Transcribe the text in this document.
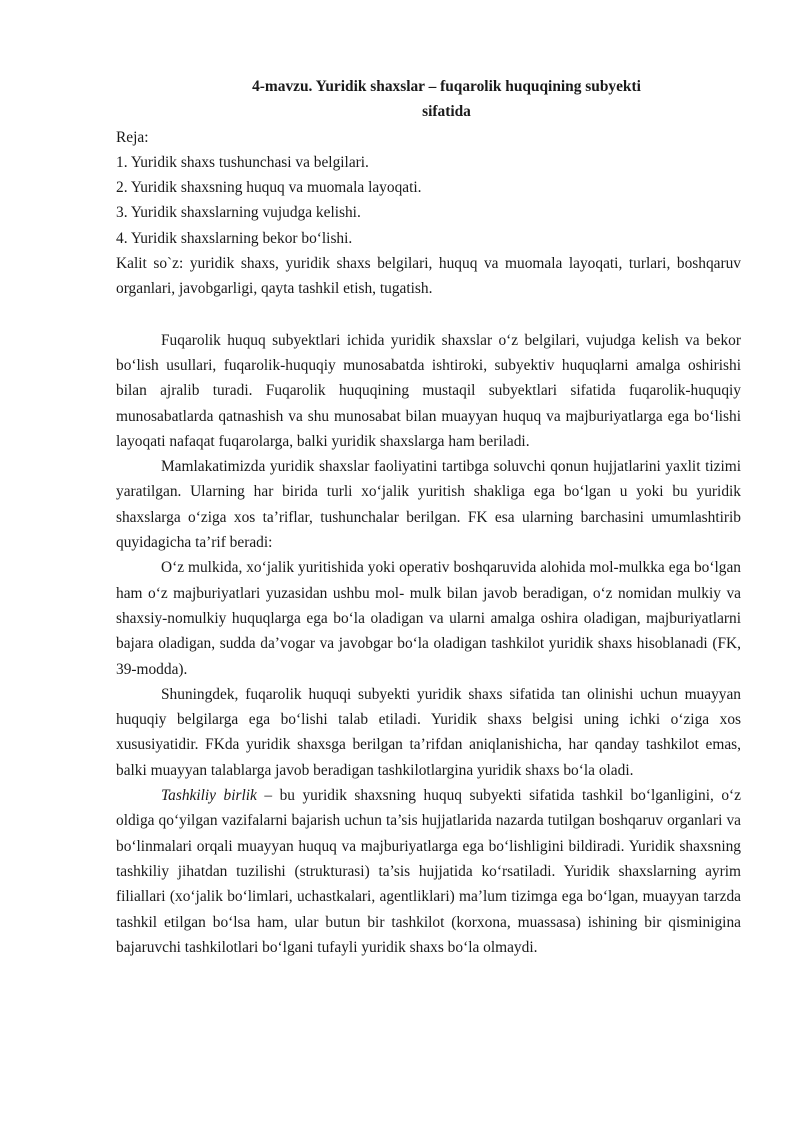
4-mavzu. Yuridik shaxslar – fuqarolik huquqining subyekti
sifatida

Reja:

1. Yuridik shaxs tushunchasi va belgilari.

2. Yuridik shaxsning huquq va muomala layoqati.

3. Yuridik shaxslarning vujudga kelishi.

4. Yuridik shaxslarning bekor boʻlishi.

Kalit so`z: yuridik shaxs, yuridik shaxs belgilari, huquq va muomala layoqati, turlari, boshqaruv organlari, javobgarligi, qayta tashkil etish, tugatish.

Fuqarolik huquq subyektlari ichida yuridik shaxslar oʻz belgilari, vujudga kelish va bekor boʻlish usullari, fuqarolik-huquqiy munosabatda ishtiroki, subyektiv huquqlarni amalga oshirishi bilan ajralib turadi. Fuqarolik huquqining mustaqil subyektlari sifatida fuqarolik-huquqiy munosabatlarda qatnashish va shu munosabat bilan muayyan huquq va majburiyatlarga ega boʻlishi layoqati nafaqat fuqarolarga, balki yuridik shaxslarga ham beriladi.

Mamlakatimizda yuridik shaxslar faoliyatini tartibga soluvchi qonun hujjatlarini yaxlit tizimi yaratilgan. Ularning har birida turli xoʻjalik yuritish shakliga ega boʻlgan u yoki bu yuridik shaxslarga oʻziga xos ta’riflar, tushunchalar berilgan. FK esa ularning barchasini umumlashtirib quyidagicha ta’rif beradi:

Oʻz mulkida, xoʻjalik yuritishida yoki operativ boshqaruvida alohida mol-mulkka ega boʻlgan ham oʻz majburiyatlari yuzasidan ushbu mol- mulk bilan javob beradigan, oʻz nomidan mulkiy va shaxsiy-nomulkiy huquqlarga ega boʻla oladigan va ularni amalga oshira oladigan, majburiyatlarni bajara oladigan, sudda da’vogar va javobgar boʻla oladigan tashkilot yuridik shaxs hisoblanadi (FK, 39-modda).

Shuningdek, fuqarolik huquqi subyekti yuridik shaxs sifatida tan olinishi uchun muayyan huquqiy belgilarga ega boʻlishi talab etiladi. Yuridik shaxs belgisi uning ichki oʻziga xos xususiyatidir. FKda yuridik shaxsga berilgan ta’rifdan aniqlanishicha, har qanday tashkilot emas, balki muayyan talablarga javob beradigan tashkilotlargina yuridik shaxs boʻla oladi.

Tashkiliy birlik – bu yuridik shaxsning huquq subyekti sifatida tashkil boʻlganligini, oʻz oldiga qoʻyilgan vazifalarni bajarish uchun ta’sis hujjatlarida nazarda tutilgan boshqaruv organlari va boʻlinmalari orqali muayyan huquq va majburiyatlarga ega boʻlishligini bildiradi. Yuridik shaxsning tashkiliy jihatdan tuzilishi (strukturasi) ta’sis hujjatida koʻrsatiladi. Yuridik shaxslarning ayrim filiallari (xoʻjalik boʻlimlari, uchastkalari, agentliklari) ma’lum tizimga ega boʻlgan, muayyan tarzda tashkil etilgan boʻlsa ham, ular butun bir tashkilot (korxona, muassasa) ishining bir qisminigina bajaruvchi tashkilotlari boʻlgani tufayli yuridik shaxs boʻla olmaydi.
